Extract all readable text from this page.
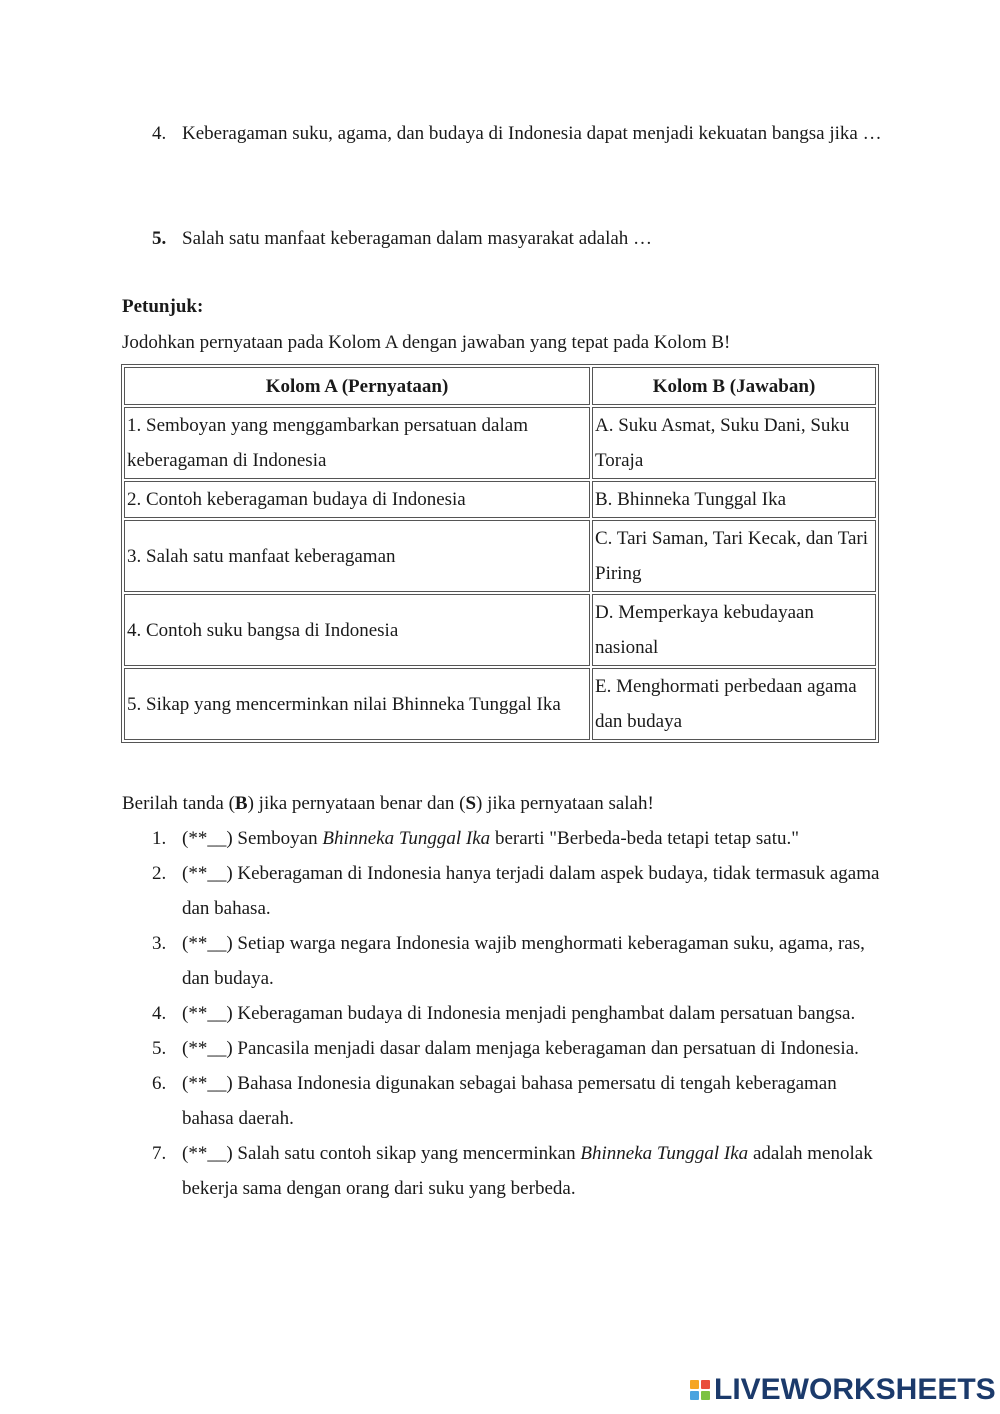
4. Keberagaman suku, agama, dan budaya di Indonesia dapat menjadi kekuatan bangsa jika …
5. Salah satu manfaat keberagaman dalam masyarakat adalah …
Petunjuk:
Jodohkan pernyataan pada Kolom A dengan jawaban yang tepat pada Kolom B!
Kolom A (Pernyataan)	Kolom B (Jawaban)
1. Semboyan yang menggambarkan persatuan dalam keberagaman di Indonesia	A. Suku Asmat, Suku Dani, Suku Toraja
2. Contoh keberagaman budaya di Indonesia	B. Bhinneka Tunggal Ika
3. Salah satu manfaat keberagaman	C. Tari Saman, Tari Kecak, dan Tari Piring
4. Contoh suku bangsa di Indonesia	D. Memperkaya kebudayaan nasional
5. Sikap yang mencerminkan nilai Bhinneka Tunggal Ika	E. Menghormati perbedaan agama dan budaya
Berilah tanda (B) jika pernyataan benar dan (S) jika pernyataan salah!
1. (**__) Semboyan Bhinneka Tunggal Ika berarti "Berbeda-beda tetapi tetap satu."
2. (**__) Keberagaman di Indonesia hanya terjadi dalam aspek budaya, tidak termasuk agama dan bahasa.
3. (**__) Setiap warga negara Indonesia wajib menghormati keberagaman suku, agama, ras, dan budaya.
4. (**__) Keberagaman budaya di Indonesia menjadi penghambat dalam persatuan bangsa.
5. (**__) Pancasila menjadi dasar dalam menjaga keberagaman dan persatuan di Indonesia.
6. (**__) Bahasa Indonesia digunakan sebagai bahasa pemersatu di tengah keberagaman bahasa daerah.
7. (**__) Salah satu contoh sikap yang mencerminkan Bhinneka Tunggal Ika adalah menolak bekerja sama dengan orang dari suku yang berbeda.
LIVEWORKSHEETS
